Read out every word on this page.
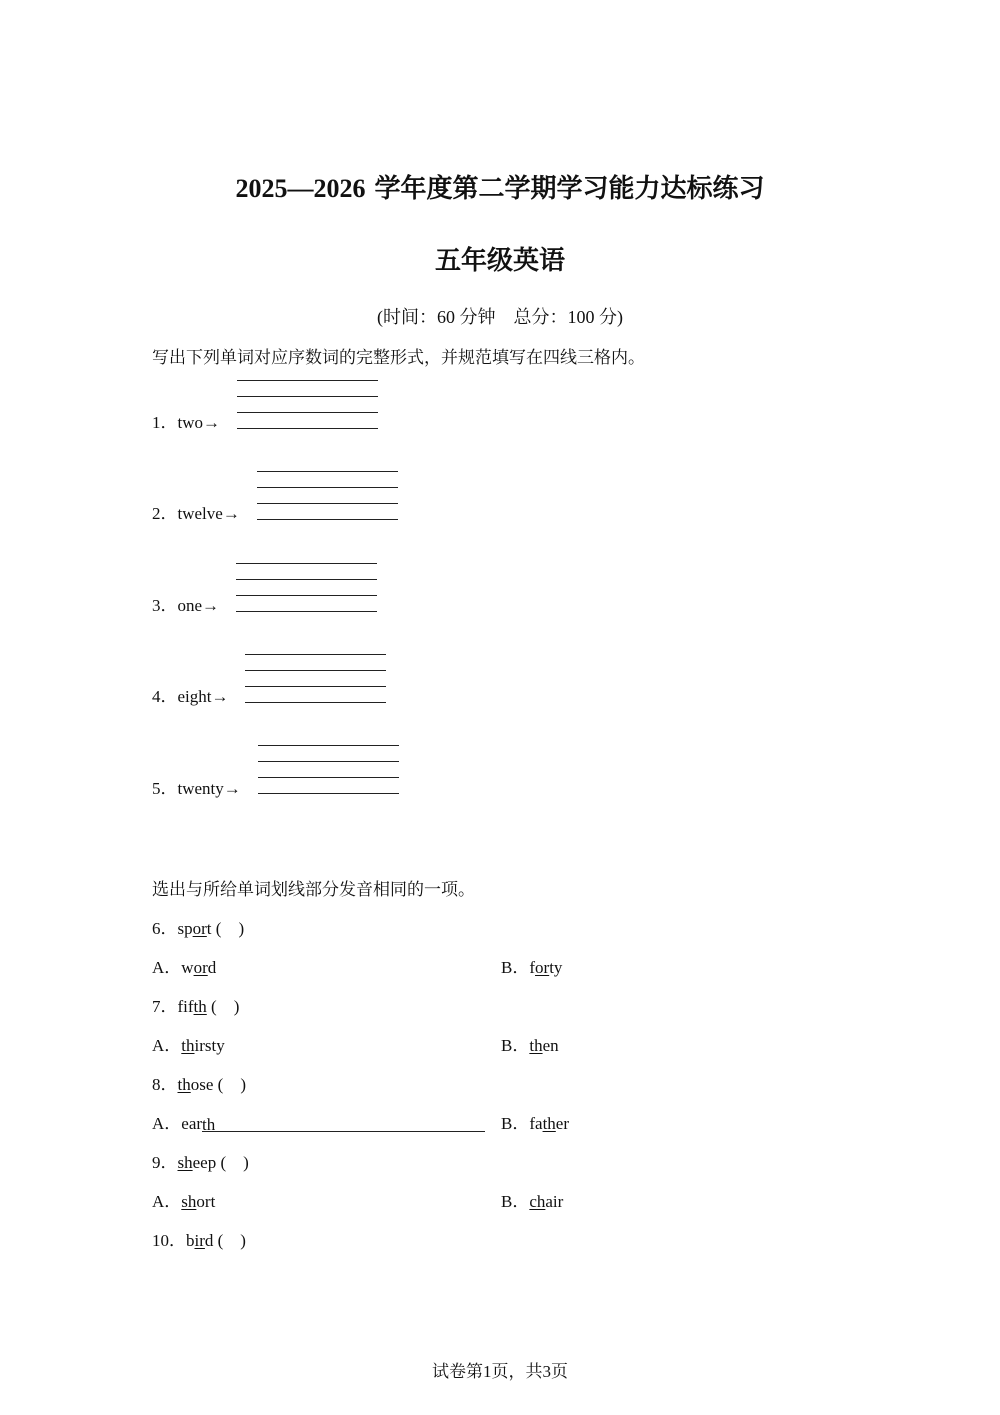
2025—2026 学年度第二学期学习能力达标练习
五年级英语
(时间：60 分钟　总分：100 分)
写出下列单词对应序数词的完整形式，并规范填写在四线三格内。
1．two→
2．twelve→
3．one→
4．eight→
5．twenty→
选出与所给单词划线部分发音相同的一项。
6．sport (　)
A．word	B．forty
7．fifth (　)
A．thirsty	B．then
8．those (　)
A．earth	B．father
9．sheep (　)
A．short	B．chair
10．bird (　)
试卷第1页，共3页
